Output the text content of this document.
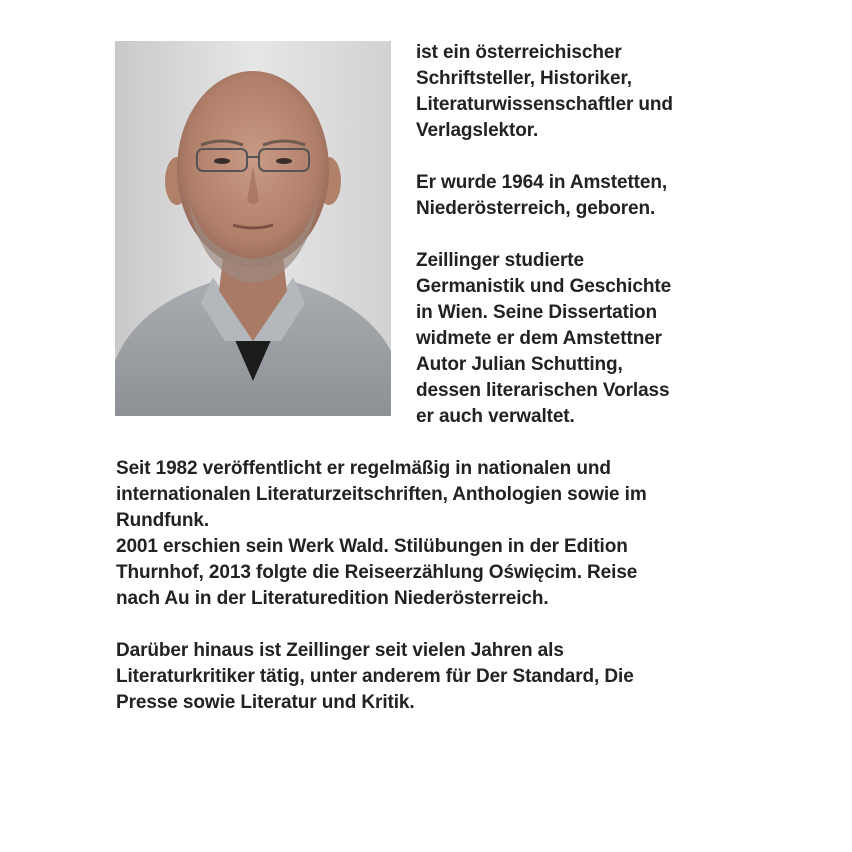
ist ein österreichischer
Schriftsteller, Historiker,
Literaturwissenschaftler und
Verlagslektor.

Er wurde 1964 in Amstetten,
Niederösterreich, geboren.

Zeillinger studierte
Germanistik und Geschichte
in Wien. Seine Dissertation
widmete er dem Amstettner
Autor Julian Schutting,
dessen literarischen Vorlass
er auch verwaltet.

Seit 1982 veröffentlicht er regelmäßig in nationalen und
internationalen Literaturzeitschriften, Anthologien sowie im
Rundfunk.
2001 erschien sein Werk Wald. Stilübungen in der Edition
Thurnhof, 2013 folgte die Reiseerzählung Oświęcim. Reise
nach Au in der Literaturedition Niederösterreich.

Darüber hinaus ist Zeillinger seit vielen Jahren als
Literaturkritiker tätig, unter anderem für Der Standard, Die
Presse sowie Literatur und Kritik.
